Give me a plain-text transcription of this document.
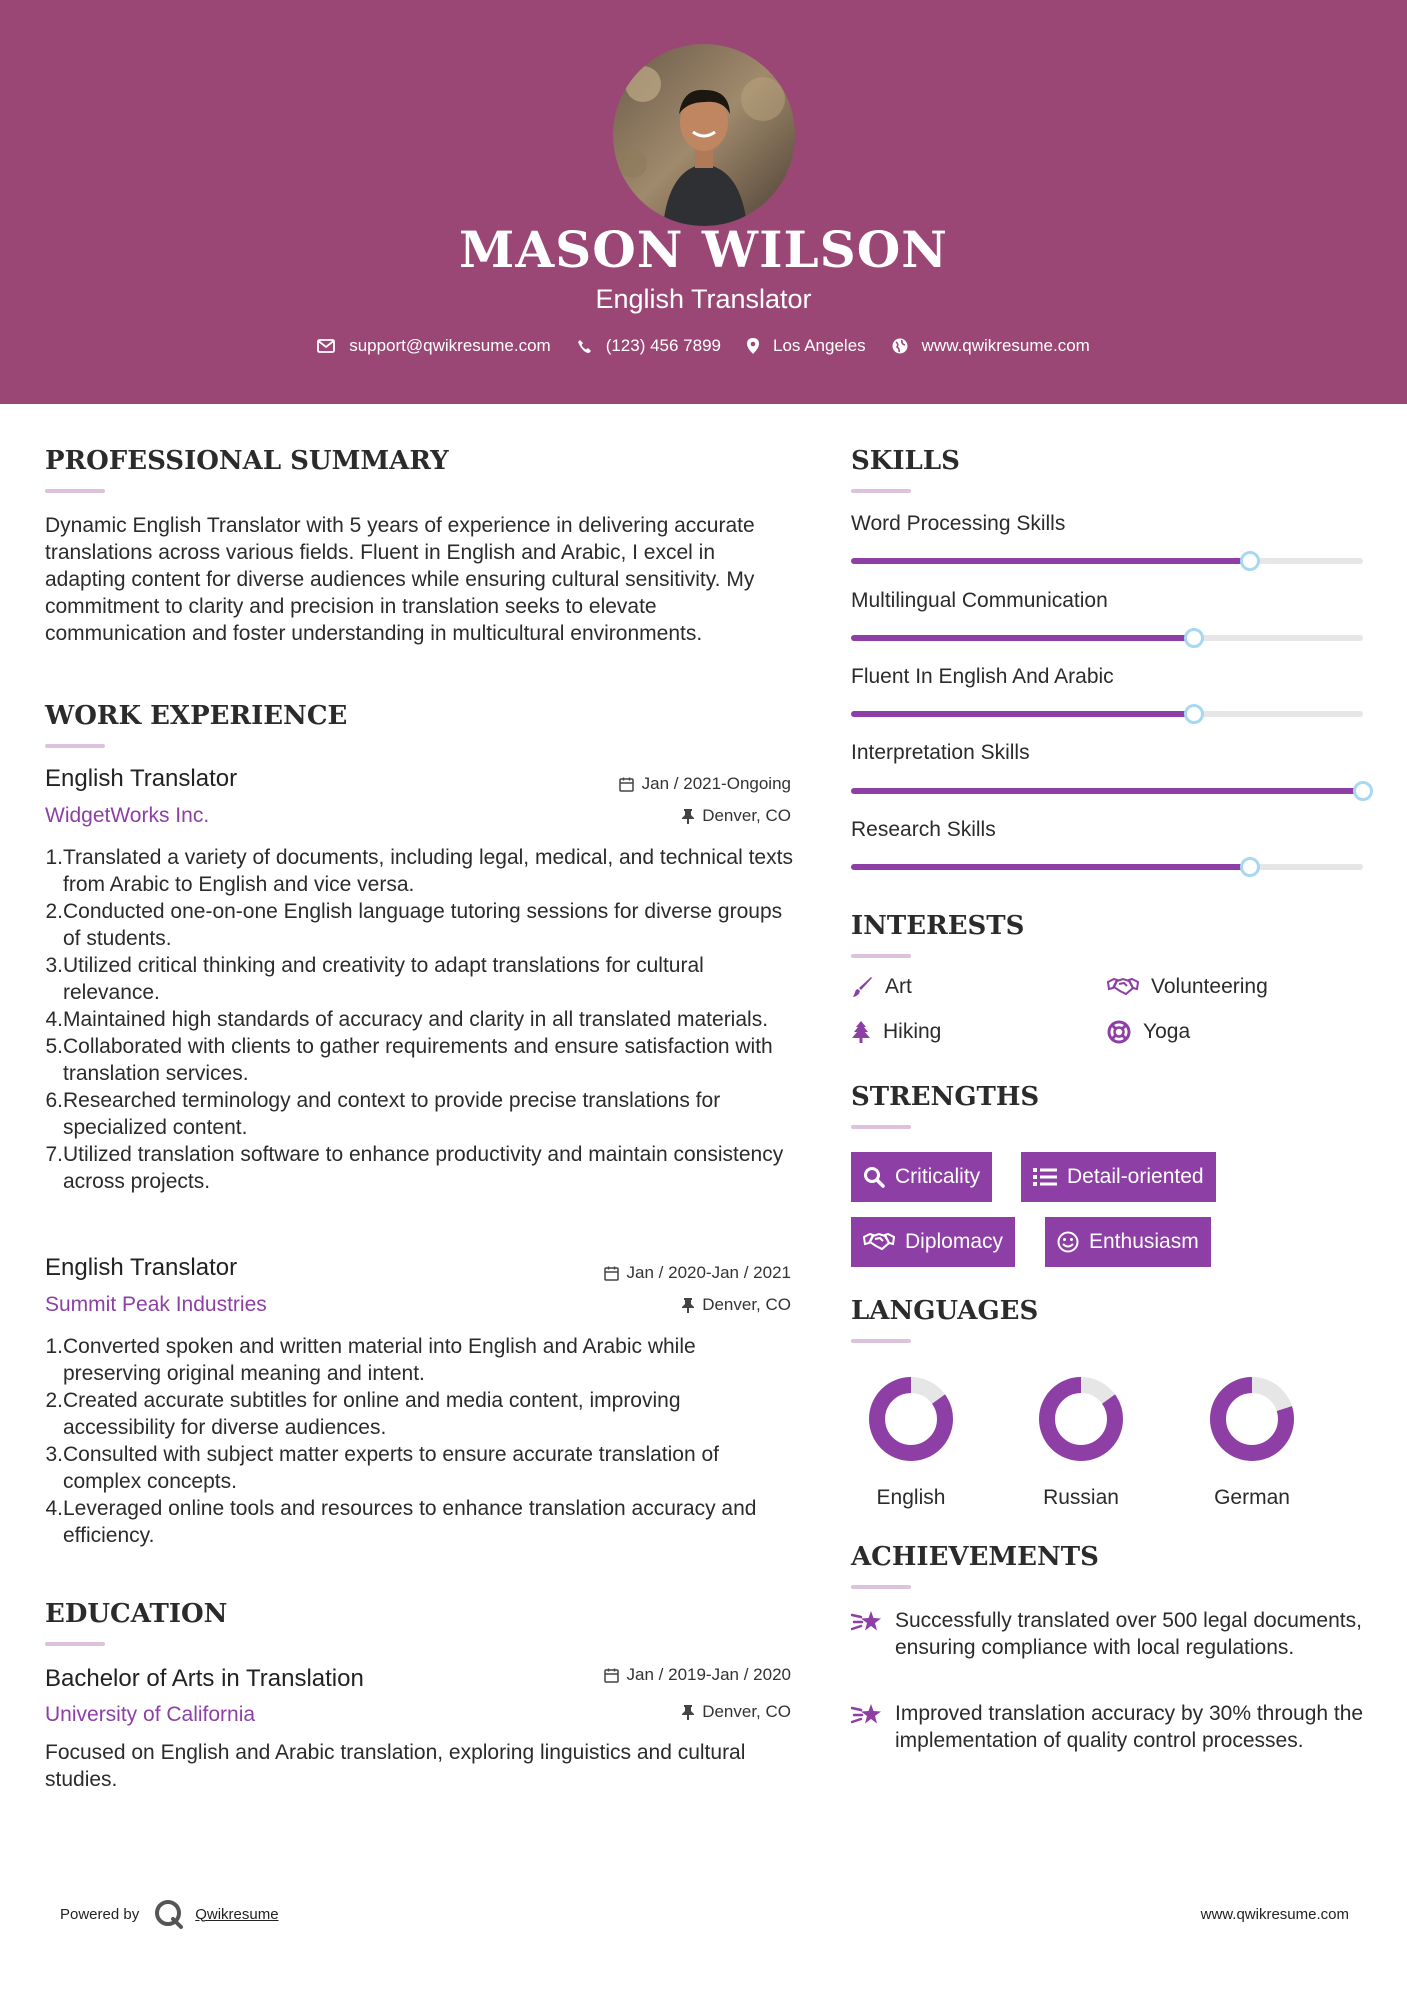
MASON WILSON
English Translator
support@qwikresume.com	(123) 456 7899	Los Angeles	www.qwikresume.com
PROFESSIONAL SUMMARY
Dynamic English Translator with 5 years of experience in delivering accurate translations across various fields. Fluent in English and Arabic, I excel in adapting content for diverse audiences while ensuring cultural sensitivity. My commitment to clarity and precision in translation seeks to elevate communication and foster understanding in multicultural environments.
WORK EXPERIENCE
English Translator
WidgetWorks Inc.
Jan / 2021-Ongoing
Denver, CO
1. Translated a variety of documents, including legal, medical, and technical texts from Arabic to English and vice versa.
2. Conducted one-on-one English language tutoring sessions for diverse groups of students.
3. Utilized critical thinking and creativity to adapt translations for cultural relevance.
4. Maintained high standards of accuracy and clarity in all translated materials.
5. Collaborated with clients to gather requirements and ensure satisfaction with translation services.
6. Researched terminology and context to provide precise translations for specialized content.
7. Utilized translation software to enhance productivity and maintain consistency across projects.
English Translator
Summit Peak Industries
Jan / 2020-Jan / 2021
Denver, CO
1. Converted spoken and written material into English and Arabic while preserving original meaning and intent.
2. Created accurate subtitles for online and media content, improving accessibility for diverse audiences.
3. Consulted with subject matter experts to ensure accurate translation of complex concepts.
4. Leveraged online tools and resources to enhance translation accuracy and efficiency.
EDUCATION
Bachelor of Arts in Translation
University of California
Jan / 2019-Jan / 2020
Denver, CO
Focused on English and Arabic translation, exploring linguistics and cultural studies.
SKILLS
Word Processing Skills
Multilingual Communication
Fluent In English And Arabic
Interpretation Skills
Research Skills
INTERESTS
Art	Volunteering
Hiking	Yoga
STRENGTHS
Criticality	Detail-oriented
Diplomacy	Enthusiasm
LANGUAGES
English	Russian	German
ACHIEVEMENTS
Successfully translated over 500 legal documents, ensuring compliance with local regulations.
Improved translation accuracy by 30% through the implementation of quality control processes.
Powered by	Qwikresume	www.qwikresume.com
